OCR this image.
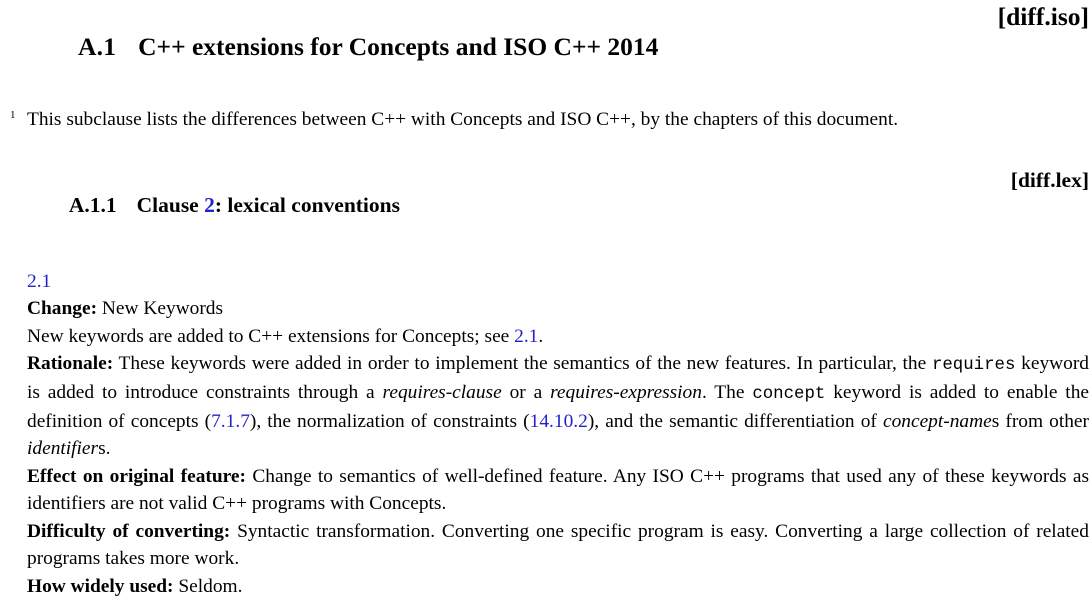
A.1 C++ extensions for Concepts and ISO C++ 2014

[diff.iso]
1 This subclause lists the differences between C++ with Concepts and ISO C++, by the chapters of this document.

A.1.1 Clause 2: lexical conventions

[diff.lex]
2.1
Change: New Keywords
New keywords are added to C++ extensions for Concepts; see 2.1.
Rationale: These keywords were added in order to implement the semantics of the new features. In particular, the requires keyword is added to introduce constraints through a requires-clause or a requires-expression. The concept keyword is added to enable the definition of concepts (7.1.7), the normalization of constraints (14.10.2), and the semantic differentiation of concept-names from other identifiers.
Effect on original feature: Change to semantics of well-defined feature. Any ISO C++ programs that used any of these keywords as identifiers are not valid C++ programs with Concepts.
Difficulty of converting: Syntactic transformation. Converting one specific program is easy. Converting a large collection of related programs takes more work.
How widely used: Seldom.
